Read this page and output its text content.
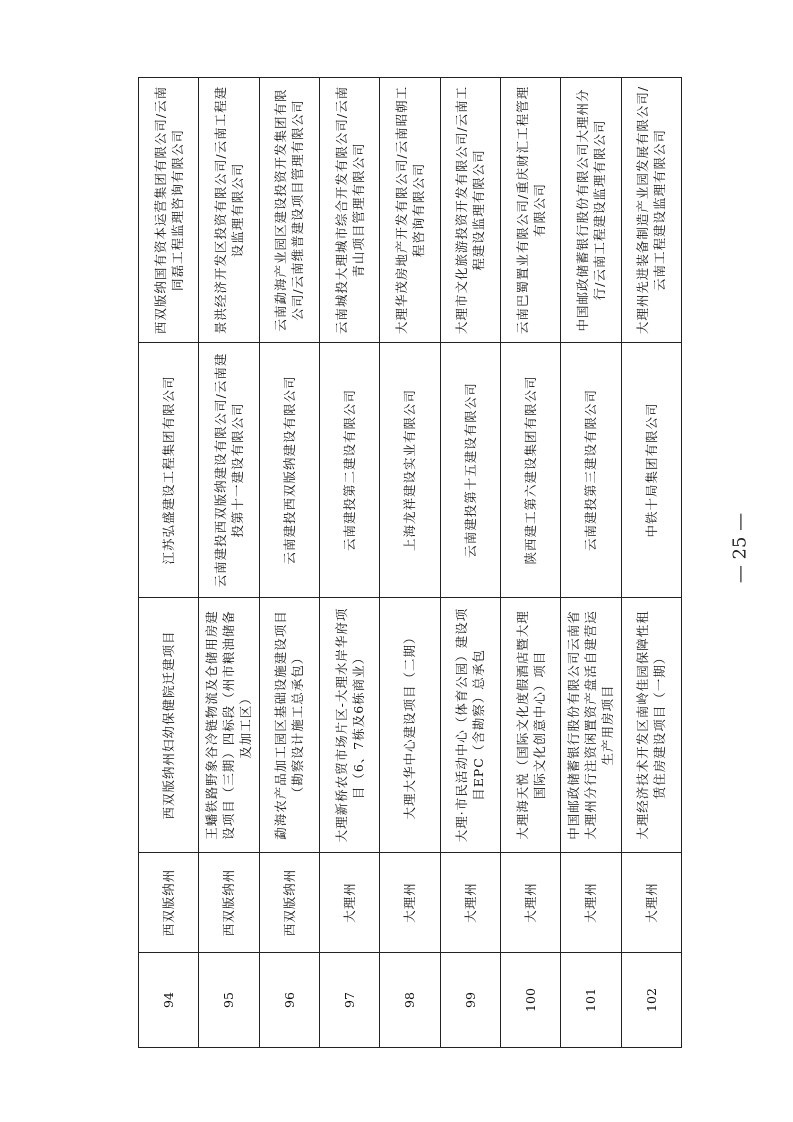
94	西双版纳州	西双版纳州妇幼保健院迁建项目	江苏弘盛建设工程集团有限公司	西双版纳国有资本运营集团有限公司/云南同磊工程监理咨询有限公司
95	西双版纳州	王蟠铁路野象谷冷链物流及仓储用房建设项目（三期）四标段（州市粮油储备及加工区）	云南建投西双版纳建设有限公司/云南建投第十一建设有限公司	景洪经济开发区投资有限公司/云南工程建设监理有限公司
96	西双版纳州	勐海农产品加工园区基础设施建设项目（勘察设计施工总承包）	云南建投西双版纳建设有限公司	云南勐海产业园区建设投资开发集团有限公司/云南维普建设项目管理有限公司
97	大理州	大理新桥农贸市场片区-大理水岸华府项目（6、7栋及6栋商业）	云南建投第二建设有限公司	云南城投大理城市综合开发有限公司/云南青山项目管理有限公司
98	大理州	大理大华中心建设项目（二期）	上海龙祥建设实业有限公司	大理华茂房地产开发有限公司/云南昭朝工程咨询有限公司
99	大理州	大理·市民活动中心（体育公园）建设项目EPC（含勘察）总承包	云南建投第十五建设有限公司	大理市文化旅游投资开发有限公司/云南工程建设监理有限公司
100	大理州	大理海天悦（国际文化度假酒店暨大理国际文化创意中心）项目	陕西建工第六建设集团有限公司	云南巴蜀置业有限公司/重庆财汇工程管理有限公司
101	大理州	中国邮政储蓄银行股份有限公司云南省大理州分行注资闲置资产盘活自建营运生产用房项目	云南建投第三建设有限公司	中国邮政储蓄银行股份有限公司大理州分行/云南工程建设监理有限公司
102	大理州	大理经济技术开发区南岭佳园保障性租赁住房建设项目（一期）	中铁十局集团有限公司	大理州先进装备制造产业园发展有限公司/云南工程建设监理有限公司
— 25 —
